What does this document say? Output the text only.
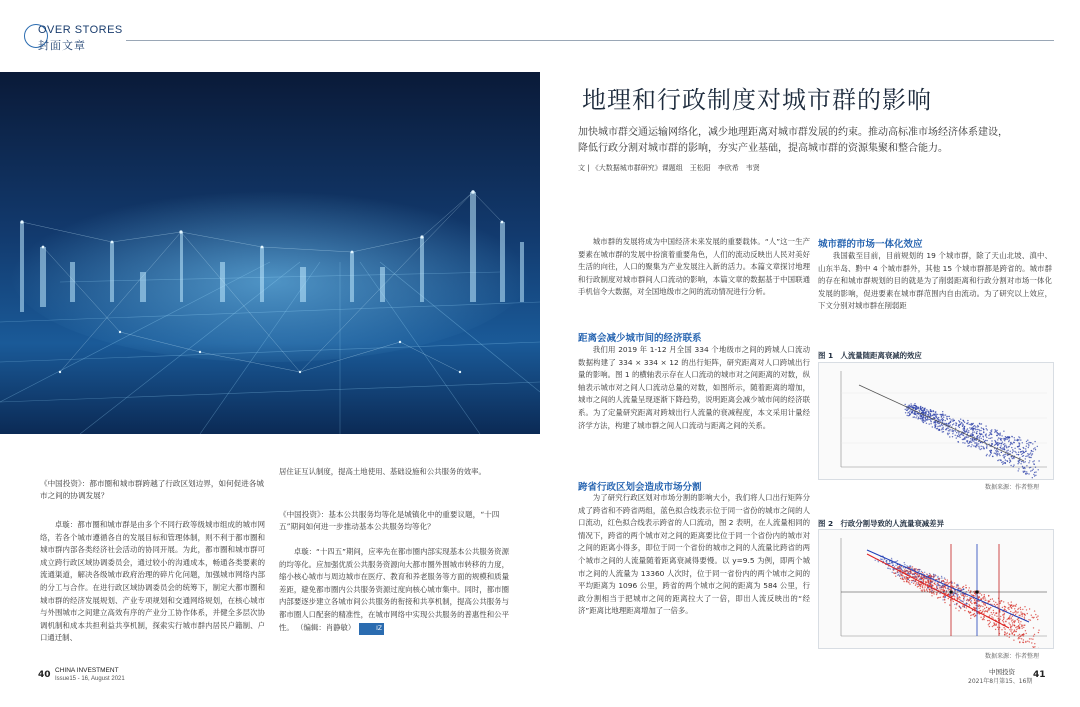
OVER STORES
封面文章
地理和行政制度对城市群的影响
加快城市群交通运输网络化，减少地理距离对城市群发展的约束。推动高标准市场经济体系建设，降低行政分割对城市群的影响，夯实产业基础，提高城市群的资源集聚和整合能力。
文 | 《大数据城市群研究》课题组　王松阳　李欣希　韦贤
城市群的发展将成为中国经济未来发展的重要载体。“人”这一生产要素在城市群的发展中扮演着重要角色，人们的流动反映出人民对美好生活的向往，人口的聚集为产业发展注入新的活力。本篇文章探讨地理和行政制度对城市群间人口流动的影响，本篇文章的数据基于中国联通手机信令大数据，对全国地级市之间的流动情况进行分析。
距离会减少城市间的经济联系
我们用 2019 年 1-12 月全国 334 个地级市之间的跨城人口流动数据构建了 334 × 334 × 12 的出行矩阵，研究距离对人口跨城出行量的影响。图 1 的横轴表示存在人口流动的城市对之间距离的对数，纵轴表示城市对之间人口流动总量的对数，如图所示，随着距离的增加，城市之间的人流量呈现逐渐下降趋势，说明距离会减少城市间的经济联系。为了定量研究距离对跨城出行人流量的衰减程度，本文采用计量经济学方法，构建了城市群之间人口流动与距离之间的关系。
跨省行政区划会造成市场分割
为了研究行政区划对市场分割的影响大小，我们将人口出行矩阵分成了跨省和不跨省两组，蓝色拟合线表示位于同一省份的城市之间的人口流动，红色拟合线表示跨省的人口流动，图 2 表明，在人流量相同的情况下，跨省的两个城市对之间的距离要比位于同一个省份内的城市对之间的距离小得多，即位于同一个省份的城市之间的人流量比跨省的两个城市之间的人流量随着距离衰减得要慢。以 y=9.5 为例，即两个城市之间的人流量为 13360 人次时，位于同一省份内的两个城市之间的平均距离为 1096 公里，跨省的两个城市之间的距离为 584 公里，行政分割相当于把城市之间的距离拉大了一倍，即出人流反映出的“经济”距离比地理距离增加了一倍多。
城市群的市场一体化效应
我国截至目前，目前规划的 19 个城市群，除了天山北坡、滇中、山东半岛、黔中 4 个城市群外，其他 15 个城市群都是跨省的。城市群的存在和城市群规划的目的就是为了削弱距离和行政分割对市场一体化发展的影响，促进要素在城市群范围内自由流动。为了研究以上效应，下文分别对城市群在削弱距
图 1　人流量随距离衰减的效应
数据来源：作者整理
图 2　行政分割导致的人流量衰减差异
数据来源：作者整理
《中国投资》：都市圈和城市群跨越了行政区划边界，如何促进各城市之间的协调发展？
卓璇：都市圈和城市群是由多个不同行政等级城市组成的城市网络，若各个城市遵循各自的发展目标和管理体制，则不利于都市圈和城市群内部各类经济社会活动的协同开展。为此，都市圈和城市群可成立跨行政区域协调委员会，通过较小的沟通成本，畅通各类要素的流通渠道，解决各级城市政府治理的碎片化问题，加强城市网络内部的分工与合作。在进行政区域协调委员会的统筹下，制定大都市圈和城市群的经济发展规划、产业专项规划和交通网络规划，在核心城市与外围城市之间建立高效有序的产业分工协作体系，并健全多层次协调机制和成本共担利益共享机制，探索实行城市群内居民户籍制、户口通迁制、
居住证互认制度，提高土地使用、基础设施和公共服务的效率。
《中国投资》：基本公共服务均等化是城镇化中的重要议题，“十四五”期间如何进一步推动基本公共服务均等化？
卓璇：“十四五”期间，应率先在都市圈内部实现基本公共服务资源的均等化。应加强优质公共服务资源向大都市圈外围城市转移的力度，缩小核心城市与周边城市在医疗、教育和养老服务等方面的规模和质量差距，避免都市圈内公共服务资源过度向核心城市集中。同时，都市圈内部要逐步建立各城市间公共服务的衔接和共享机制，提高公共服务与都市圈人口配套的精准性，在城市网络中实现公共服务的普惠性和公平性。 （编辑：肖静敏）	IZ
40 CHINA INVESTMENT
Issue15 - 16, August 2021
中国投资
2021年8月第15、16期
41
